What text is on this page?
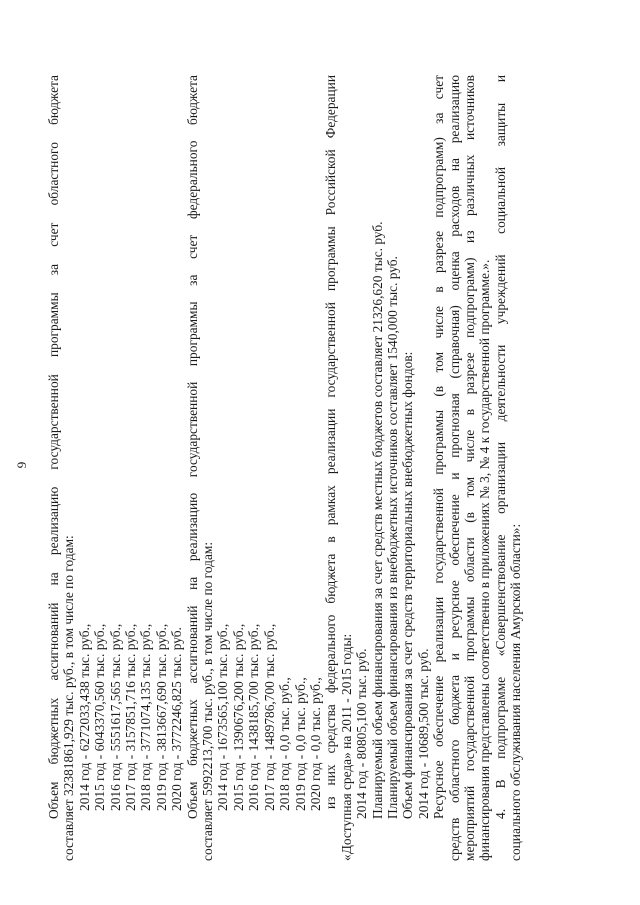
9 Объем бюджетных ассигнований на реализацию государственной программы за счет областного бюджета составляет 32381861,929 тыс. руб., в том числе по годам: 2014 год - 6272033,438 тыс. руб., 2015 год - 6043370,560 тыс. руб., 2016 год - 5551617,565 тыс. руб., 2017 год - 3157851,716 тыс. руб., 2018 год - 3771074,135 тыс. руб., 2019 год - 3813667,690 тыс. руб., 2020 год - 3772246,825 тыс. руб. Объем бюджетных ассигнований на реализацию государственной программы за счет федерального бюджета составляет 5992213,700 тыс. руб., в том числе по годам: 2014 год - 1673565,100 тыс. руб., 2015 год - 1390676,200 тыс. руб., 2016 год - 1438185,700 тыс. руб., 2017 год - 1489786,700 тыс. руб., 2018 год - 0,0 тыс. руб., 2019 год - 0,0 тыс. руб., 2020 год - 0,0 тыс. руб., из них средства федерального бюджета в рамках реализации государственной программы Российской Федерации «Доступная среда» на 2011 - 2015 годы: 2014 год - 80805,100 тыс. руб. Планируемый объем финансирования за счет средств местных бюджетов составляет 21326,620 тыс. руб. Планируемый объем финансирования из внебюджетных источников составляет 1540,000 тыс. руб. Объем финансирования за счет средств территориальных внебюджетных фондов: 2014 год - 10689,500 тыс. руб. Ресурсное обеспечение реализации государственной программы (в том числе в разрезе подпрограмм) за счет средств областного бюджета и ресурсное обеспечение и прогнозная (справочная) оценка расходов на реализацию мероприятий государственной программы области (в том числе в разрезе подпрограмм) из различных источников финансирования представлены соответственно в приложениях № 3, № 4 к государственной программе.». 4. В подпрограмме «Совершенствование организации деятельности учреждений социальной защиты и социального обслуживания населения Амурской области»:
